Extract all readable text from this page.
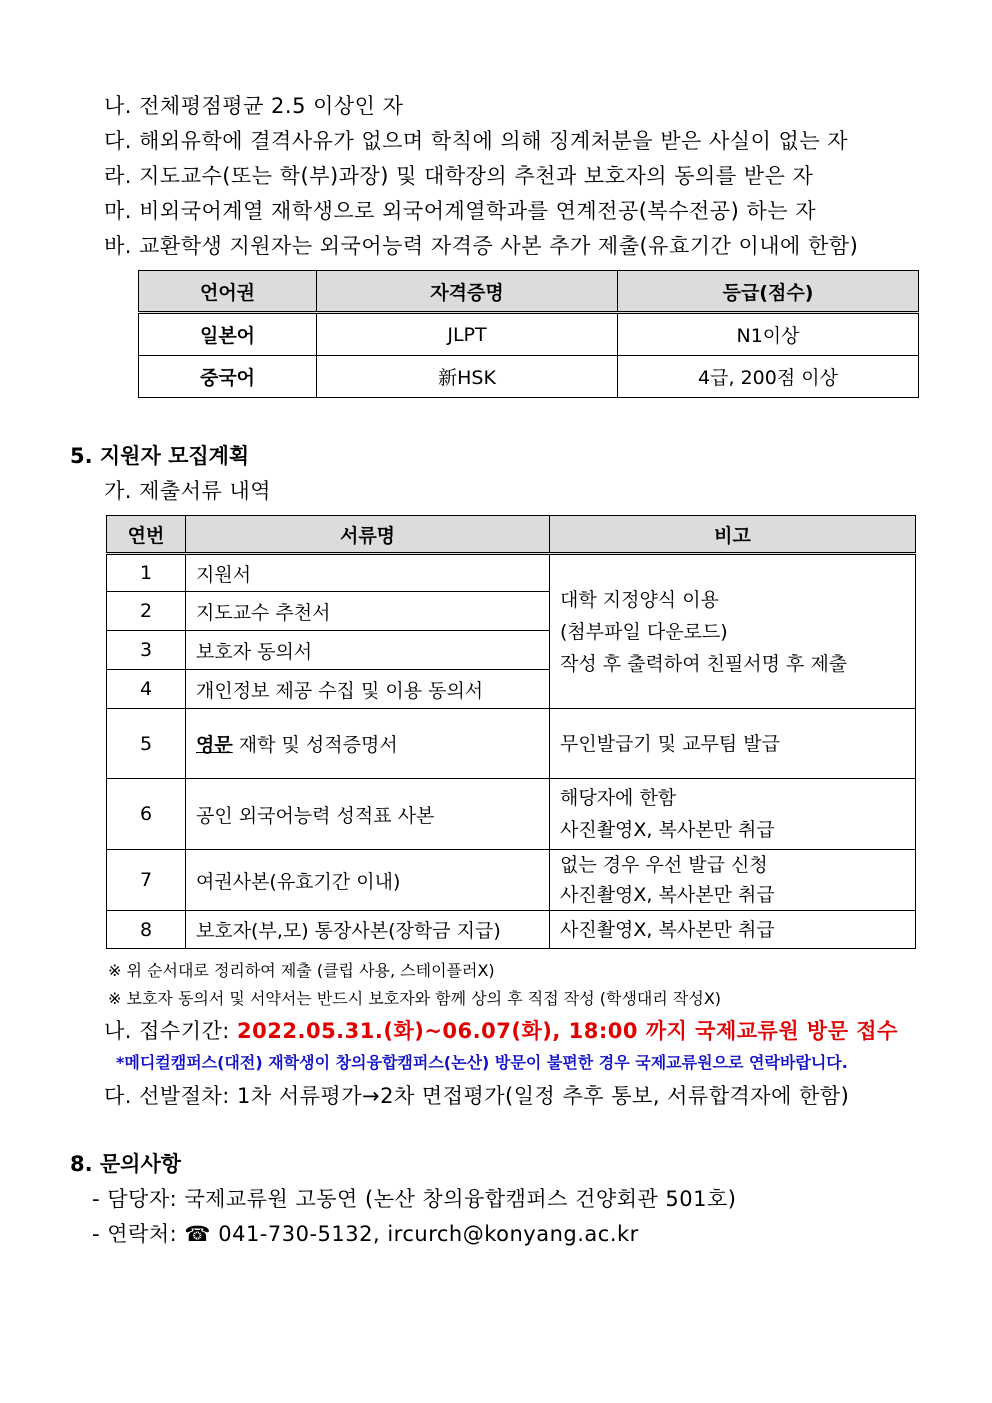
나. 전체평점평균 2.5 이상인 자
다. 해외유학에 결격사유가 없으며 학칙에 의해 징계처분을 받은 사실이 없는 자
라. 지도교수(또는 학(부)과장) 및 대학장의 추천과 보호자의 동의를 받은 자
마. 비외국어계열 재학생으로 외국어계열학과를 연계전공(복수전공) 하는 자
바. 교환학생 지원자는 외국어능력 자격증 사본 추가 제출(유효기간 이내에 한함)
언어권	자격증명	등급(점수)
일본어	JLPT	N1이상
중국어	新HSK	4급, 200점 이상
5. 지원자 모집계획
가. 제출서류 내역
연번	서류명	비고
1	지원서	대학 지정양식 이용
(첨부파일 다운로드)
작성 후 출력하여 친필서명 후 제출

2	지도교수 추천서	
3	보호자 동의서	
4	개인정보 제공 수집 및 이용 동의서	
5	영문 재학 및 성적증명서	무인발급기 및 교무팀 발급
6	공인 외국어능력 성적표 사본	해당자에 한함
사진촬영X, 복사본만 취급

7	여권사본(유효기간 이내)	없는 경우 우선 발급 신청
사진촬영X, 복사본만 취급

8	보호자(부,모) 통장사본(장학금 지급)	사진촬영X, 복사본만 취급
※ 위 순서대로 정리하여 제출 (클립 사용, 스테이플러X)
※ 보호자 동의서 및 서약서는 반드시 보호자와 함께 상의 후 직접 작성 (학생대리 작성X)
나. 접수기간: 2022.05.31.(화)~06.07(화), 18:00 까지 국제교류원 방문 접수
*메디컬캠퍼스(대전) 재학생이 창의융합캠퍼스(논산) 방문이 불편한 경우 국제교류원으로 연락바랍니다.
다. 선발절차: 1차 서류평가→2차 면접평가(일정 추후 통보, 서류합격자에 한함)
8. 문의사항
- 담당자: 국제교류원 고동연 (논산 창의융합캠퍼스 건양회관 501호)
- 연락처: ☎ 041-730-5132, ircurch@konyang.ac.kr
